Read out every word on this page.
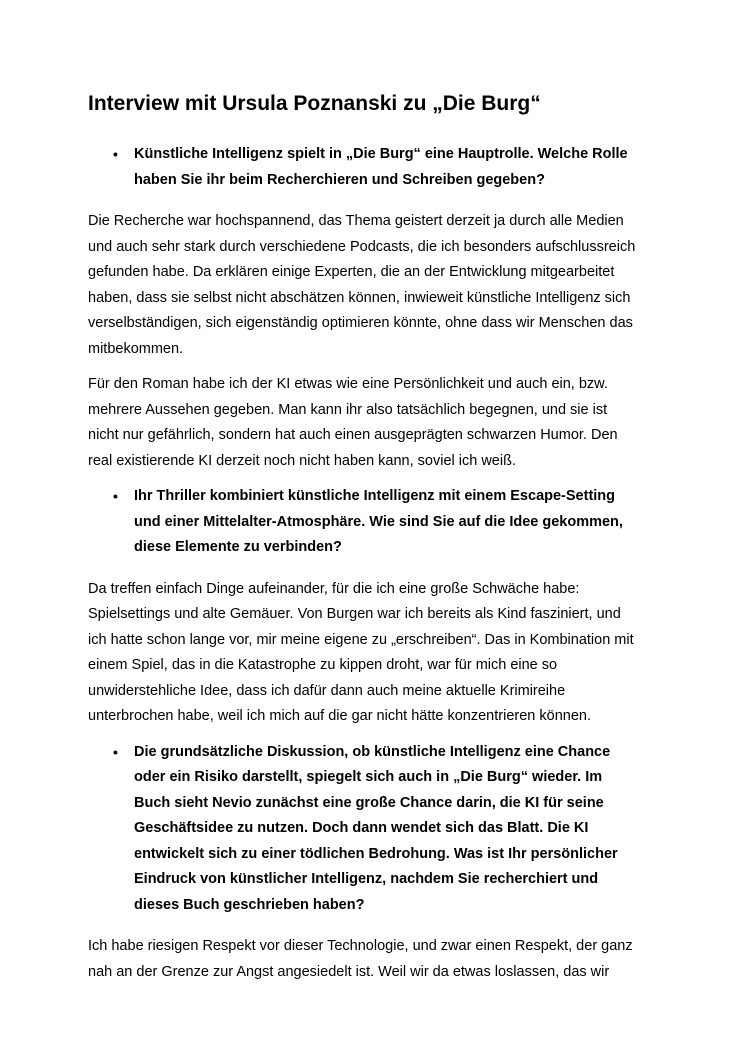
Interview mit Ursula Poznanski zu „Die Burg“
• Künstliche Intelligenz spielt in „Die Burg“ eine Hauptrolle. Welche Rolle
haben Sie ihr beim Recherchieren und Schreiben gegeben?

Die Recherche war hochspannend, das Thema geistert derzeit ja durch alle Medien
und auch sehr stark durch verschiedene Podcasts, die ich besonders aufschlussreich
gefunden habe. Da erklären einige Experten, die an der Entwicklung mitgearbeitet
haben, dass sie selbst nicht abschätzen können, inwieweit künstliche Intelligenz sich
verselbständigen, sich eigenständig optimieren könnte, ohne dass wir Menschen das
mitbekommen.

Für den Roman habe ich der KI etwas wie eine Persönlichkeit und auch ein, bzw.
mehrere Aussehen gegeben. Man kann ihr also tatsächlich begegnen, und sie ist
nicht nur gefährlich, sondern hat auch einen ausgeprägten schwarzen Humor. Den
real existierende KI derzeit noch nicht haben kann, soviel ich weiß.

• Ihr Thriller kombiniert künstliche Intelligenz mit einem Escape-Setting
und einer Mittelalter-Atmosphäre. Wie sind Sie auf die Idee gekommen,
diese Elemente zu verbinden?

Da treffen einfach Dinge aufeinander, für die ich eine große Schwäche habe:
Spielsettings und alte Gemäuer. Von Burgen war ich bereits als Kind fasziniert, und
ich hatte schon lange vor, mir meine eigene zu „erschreiben“. Das in Kombination mit
einem Spiel, das in die Katastrophe zu kippen droht, war für mich eine so
unwiderstehliche Idee, dass ich dafür dann auch meine aktuelle Krimireihe
unterbrochen habe, weil ich mich auf die gar nicht hätte konzentrieren können.

• Die grundsätzliche Diskussion, ob künstliche Intelligenz eine Chance
oder ein Risiko darstellt, spiegelt sich auch in „Die Burg“ wieder. Im
Buch sieht Nevio zunächst eine große Chance darin, die KI für seine
Geschäftsidee zu nutzen. Doch dann wendet sich das Blatt. Die KI
entwickelt sich zu einer tödlichen Bedrohung. Was ist Ihr persönlicher
Eindruck von künstlicher Intelligenz, nachdem Sie recherchiert und
dieses Buch geschrieben haben?

Ich habe riesigen Respekt vor dieser Technologie, und zwar einen Respekt, der ganz
nah an der Grenze zur Angst angesiedelt ist. Weil wir da etwas loslassen, das wir
